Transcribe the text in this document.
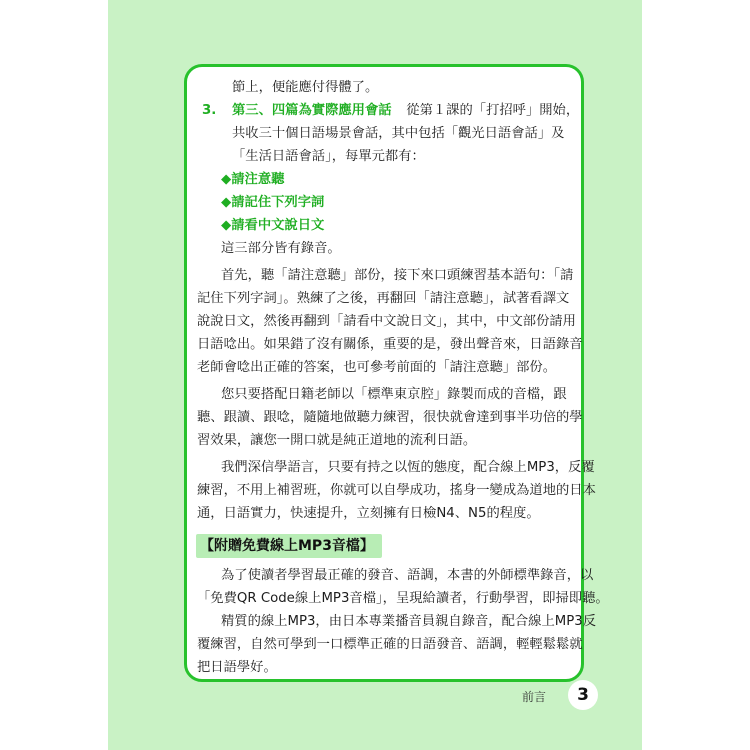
節上，便能應付得體了。
3. 第三、四篇為實際應用會話 　從第１課的「打招呼」開始，
共收三十個日語場景會話，其中包括「觀光日語會話」及
「生活日語會話」，每單元都有：
◆請注意聽
◆請記住下列字詞
◆請看中文說日文
這三部分皆有錄音。
首先，聽「請注意聽」部份，接下來口頭練習基本語句：「請
記住下列字詞」。熟練了之後，再翻回「請注意聽」，試著看譯文
說說日文，然後再翻到「請看中文說日文」，其中，中文部份請用
日語唸出。如果錯了沒有關係，重要的是，發出聲音來，日語錄音
老師會唸出正確的答案，也可參考前面的「請注意聽」部份。
您只要搭配日籍老師以「標準東京腔」錄製而成的音檔，跟
聽、跟讀、跟唸，隨隨地做聽力練習，很快就會達到事半功倍的學
習效果，讓您一開口就是純正道地的流利日語。
我們深信學語言，只要有持之以恆的態度，配合線上MP3，反覆
練習，不用上補習班，你就可以自學成功，搖身一變成為道地的日本
通，日語實力，快速提升，立刻擁有日檢N4、N5的程度。
【附贈免費線上MP3音檔】
為了使讀者學習最正確的發音、語調，本書的外師標準錄音，以
「免費QR Code線上MP3音檔」，呈現給讀者，行動學習，即掃即聽。
精質的線上MP3，由日本專業播音員親自錄音，配合線上MP3反
覆練習，自然可學到一口標準正確的日語發音、語調，輕輕鬆鬆就
把日語學好。
前言	3
